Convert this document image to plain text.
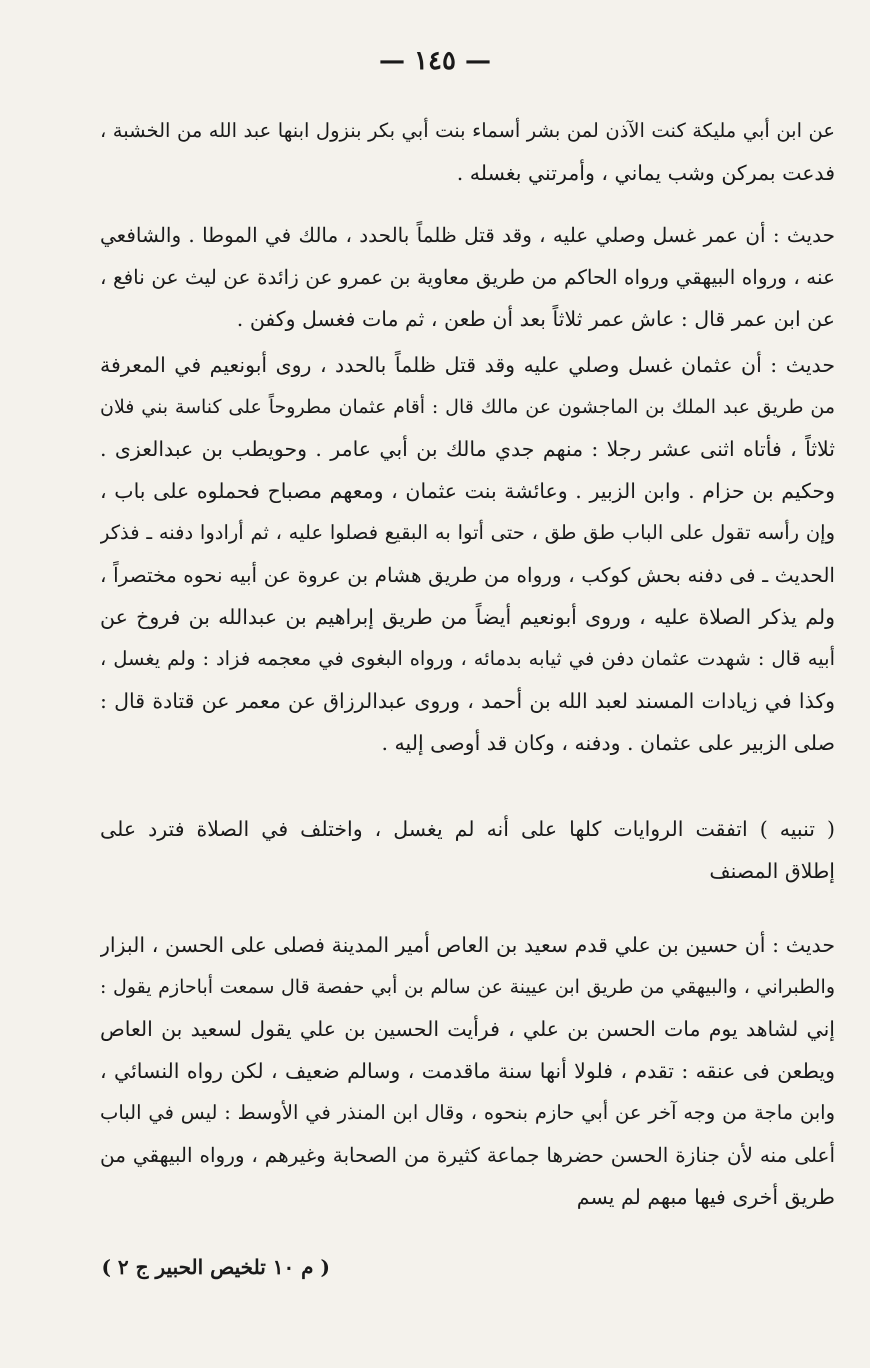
— ١٤٥ —
عن ابن أبي مليكة كنت الآذن لمن بشر أسماء بنت أبي بكر بنزول ابنها عبد الله من الخشبة ،
فدعت بمركن وشب يماني ، وأمرتني بغسله .
حديث : أن عمر غسل وصلي عليه ، وقد قتل ظلماً بالحدد ، مالك في الموطا . والشافعي
عنه ، ورواه البيهقي ورواه الحاكم من طريق معاوية بن عمرو عن زائدة عن ليث عن نافع ،
عن ابن عمر قال : عاش عمر ثلاثاً بعد أن طعن ، ثم مات فغسل وكفن .
حديث : أن عثمان غسل وصلي عليه وقد قتل ظلماً بالحدد ، روى أبونعيم في المعرفة
من طريق عبد الملك بن الماجشون عن مالك قال : أقام عثمان مطروحاً على كناسة بني فلان
ثلاثاً ، فأتاه اثنى عشر رجلا : منهم جدي مالك بن أبي عامر . وحويطب بن عبدالعزى .
وحكيم بن حزام . وابن الزبير . وعائشة بنت عثمان ، ومعهم مصباح فحملوه على باب ،
وإن رأسه تقول على الباب طق طق ، حتى أتوا به البقيع فصلوا عليه ، ثم أرادوا دفنه ـ فذكر
الحديث ـ فى دفنه بحش كوكب ، ورواه من طريق هشام بن عروة عن أبيه نحوه مختصراً ،
ولم يذكر الصلاة عليه ، وروى أبونعيم أيضاً من طريق إبراهيم بن عبدالله بن فروخ عن
أبيه قال : شهدت عثمان دفن في ثيابه بدمائه ، ورواه البغوى في معجمه فزاد : ولم يغسل ،
وكذا في زيادات المسند لعبد الله بن أحمد ، وروى عبدالرزاق عن معمر عن قتادة قال :
صلى الزبير على عثمان . ودفنه ، وكان قد أوصى إليه .
( تنبيه ) اتفقت الروايات كلها على أنه لم يغسل ، واختلف في الصلاة فترد على
إطلاق المصنف
حديث : أن حسين بن علي قدم سعيد بن العاص أمير المدينة فصلى على الحسن ، البزار
والطبراني ، والبيهقي من طريق ابن عيينة عن سالم بن أبي حفصة قال سمعت أباحازم يقول :
إني لشاهد يوم مات الحسن بن علي ، فرأيت الحسين بن علي يقول لسعيد بن العاص
ويطعن فى عنقه : تقدم ، فلولا أنها سنة ماقدمت ، وسالم ضعيف ، لكن رواه النسائي ،
وابن ماجة من وجه آخر عن أبي حازم بنحوه ، وقال ابن المنذر في الأوسط : ليس في الباب
أعلى منه لأن جنازة الحسن حضرها جماعة كثيرة من الصحابة وغيرهم ، ورواه البيهقي من
طريق أخرى فيها مبهم لم يسم
( م ١٠ تلخيص الحبير ج ٢ )
